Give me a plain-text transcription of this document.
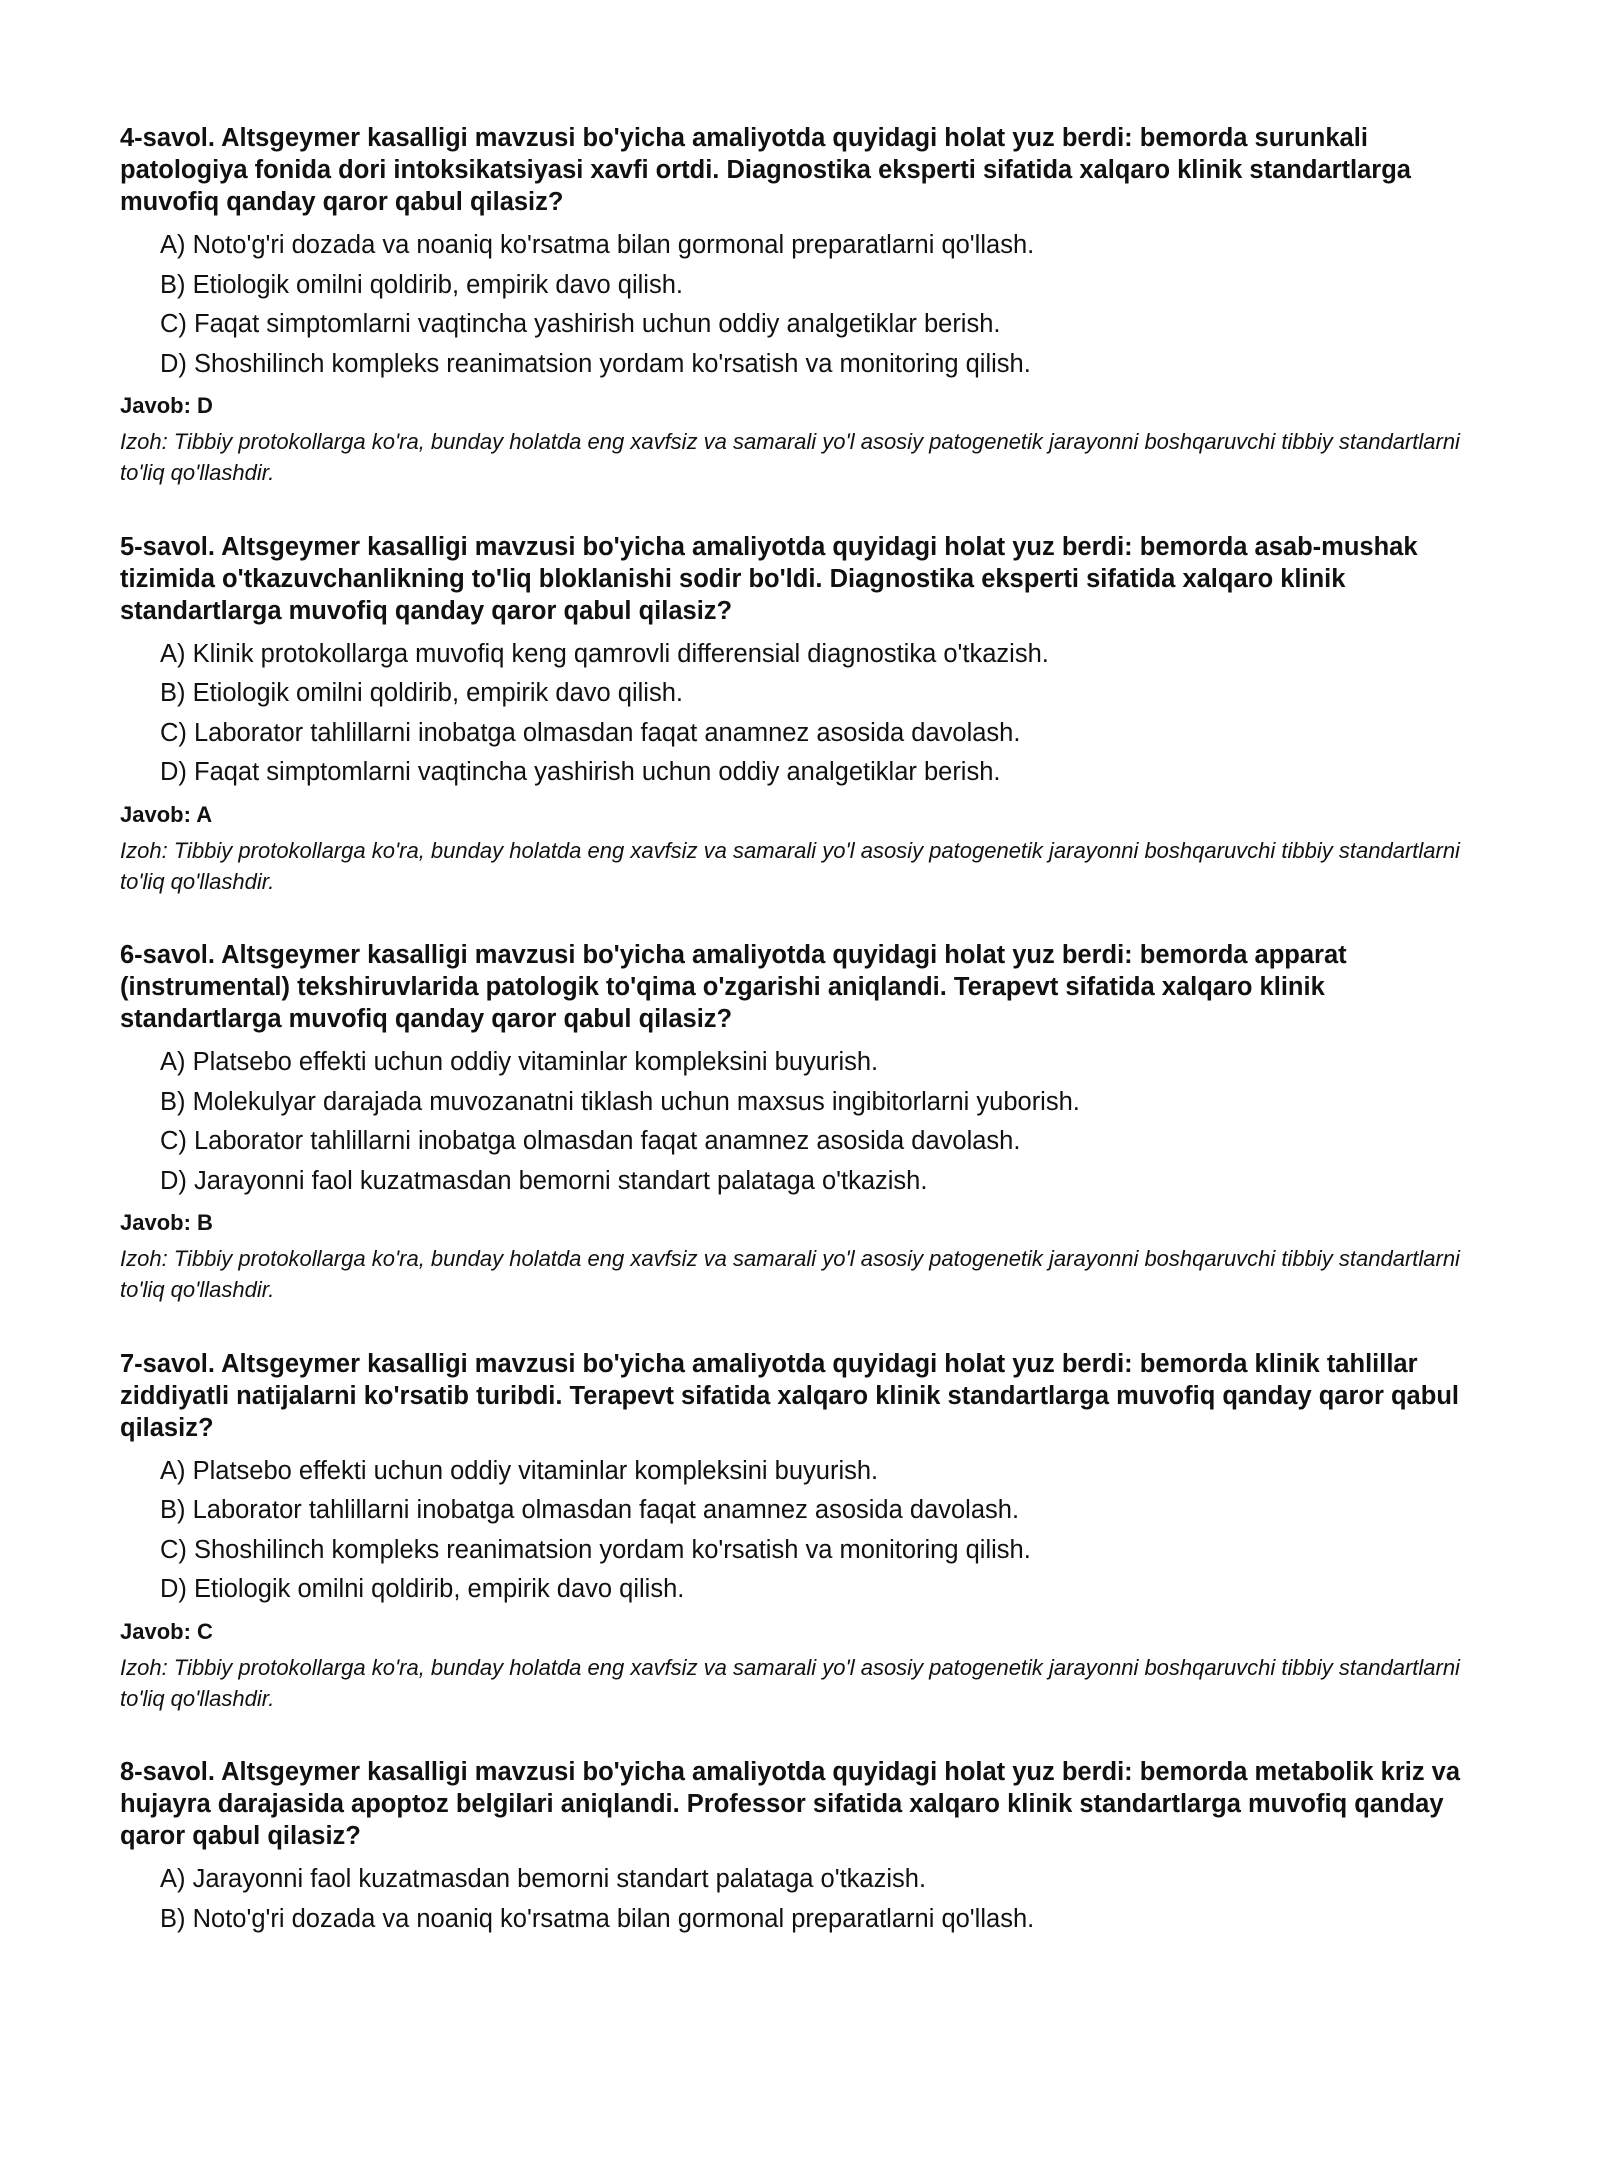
4-savol. Altsgeymer kasalligi mavzusi bo'yicha amaliyotda quyidagi holat yuz berdi: bemorda surunkali patologiya fonida dori intoksikatsiyasi xavfi ortdi. Diagnostika eksperti sifatida xalqaro klinik standartlarga muvofiq qanday qaror qabul qilasiz?

A) Noto'g'ri dozada va noaniq ko'rsatma bilan gormonal preparatlarni qo'llash.
B) Etiologik omilni qoldirib, empirik davo qilish.
C) Faqat simptomlarni vaqtincha yashirish uchun oddiy analgetiklar berish.
D) Shoshilinch kompleks reanimatsion yordam ko'rsatish va monitoring qilish.

Javob: D

Izoh: Tibbiy protokollarga ko'ra, bunday holatda eng xavfsiz va samarali yo'l asosiy patogenetik jarayonni boshqaruvchi tibbiy standartlarni to'liq qo'llashdir.

5-savol. Altsgeymer kasalligi mavzusi bo'yicha amaliyotda quyidagi holat yuz berdi: bemorda asab-mushak tizimida o'tkazuvchanlikning to'liq bloklanishi sodir bo'ldi. Diagnostika eksperti sifatida xalqaro klinik standartlarga muvofiq qanday qaror qabul qilasiz?

A) Klinik protokollarga muvofiq keng qamrovli differensial diagnostika o'tkazish.
B) Etiologik omilni qoldirib, empirik davo qilish.
C) Laborator tahlillarni inobatga olmasdan faqat anamnez asosida davolash.
D) Faqat simptomlarni vaqtincha yashirish uchun oddiy analgetiklar berish.

Javob: A

Izoh: Tibbiy protokollarga ko'ra, bunday holatda eng xavfsiz va samarali yo'l asosiy patogenetik jarayonni boshqaruvchi tibbiy standartlarni to'liq qo'llashdir.

6-savol. Altsgeymer kasalligi mavzusi bo'yicha amaliyotda quyidagi holat yuz berdi: bemorda apparat (instrumental) tekshiruvlarida patologik to'qima o'zgarishi aniqlandi. Terapevt sifatida xalqaro klinik standartlarga muvofiq qanday qaror qabul qilasiz?

A) Platsebo effekti uchun oddiy vitaminlar kompleksini buyurish.
B) Molekulyar darajada muvozanatni tiklash uchun maxsus ingibitorlarni yuborish.
C) Laborator tahlillarni inobatga olmasdan faqat anamnez asosida davolash.
D) Jarayonni faol kuzatmasdan bemorni standart palataga o'tkazish.

Javob: B

Izoh: Tibbiy protokollarga ko'ra, bunday holatda eng xavfsiz va samarali yo'l asosiy patogenetik jarayonni boshqaruvchi tibbiy standartlarni to'liq qo'llashdir.

7-savol. Altsgeymer kasalligi mavzusi bo'yicha amaliyotda quyidagi holat yuz berdi: bemorda klinik tahlillar ziddiyatli natijalarni ko'rsatib turibdi. Terapevt sifatida xalqaro klinik standartlarga muvofiq qanday qaror qabul qilasiz?

A) Platsebo effekti uchun oddiy vitaminlar kompleksini buyurish.
B) Laborator tahlillarni inobatga olmasdan faqat anamnez asosida davolash.
C) Shoshilinch kompleks reanimatsion yordam ko'rsatish va monitoring qilish.
D) Etiologik omilni qoldirib, empirik davo qilish.

Javob: C

Izoh: Tibbiy protokollarga ko'ra, bunday holatda eng xavfsiz va samarali yo'l asosiy patogenetik jarayonni boshqaruvchi tibbiy standartlarni to'liq qo'llashdir.

8-savol. Altsgeymer kasalligi mavzusi bo'yicha amaliyotda quyidagi holat yuz berdi: bemorda metabolik kriz va hujayra darajasida apoptoz belgilari aniqlandi. Professor sifatida xalqaro klinik standartlarga muvofiq qanday qaror qabul qilasiz?

A) Jarayonni faol kuzatmasdan bemorni standart palataga o'tkazish.
B) Noto'g'ri dozada va noaniq ko'rsatma bilan gormonal preparatlarni qo'llash.
